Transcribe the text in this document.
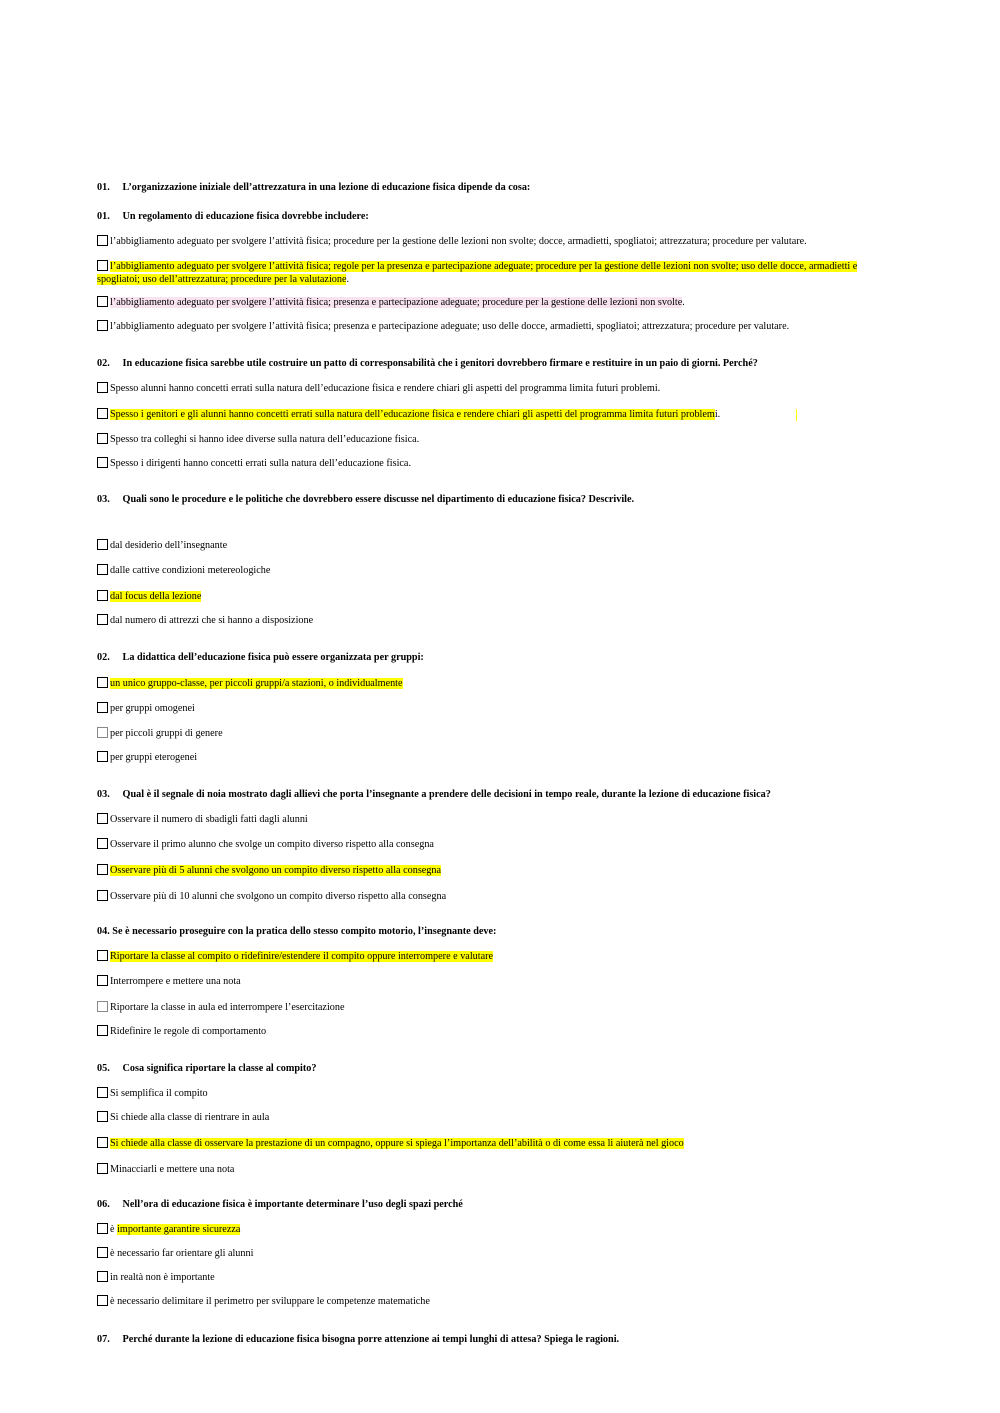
01. L’organizzazione iniziale dell’attrezzatura in una lezione di educazione fisica dipende da cosa:
01. Un regolamento di educazione fisica dovrebbe includere:
l’abbigliamento adeguato per svolgere l’attività fisica; procedure per la gestione delle lezioni non svolte; docce, armadietti, spogliatoi; attrezzatura; procedure per valutare.
l’abbigliamento adeguato per svolgere l’attività fisica; regole per la presenza e partecipazione adeguate; procedure per la gestione delle lezioni non svolte; uso delle docce, armadietti e spogliatoi; uso dell’attrezzatura; procedure per la valutazione.
l’abbigliamento adeguato per svolgere l’attività fisica; presenza e partecipazione adeguate; procedure per la gestione delle lezioni non svolte.
l’abbigliamento adeguato per svolgere l’attività fisica; presenza e partecipazione adeguate; uso delle docce, armadietti, spogliatoi; attrezzatura; procedure per valutare.
02. In educazione fisica sarebbe utile costruire un patto di corresponsabilità che i genitori dovrebbero firmare e restituire in un paio di giorni. Perché?
Spesso alunni hanno concetti errati sulla natura dell’educazione fisica e rendere chiari gli aspetti del programma limita futuri problemi.
Spesso i genitori e gli alunni hanno concetti errati sulla natura dell’educazione fisica e rendere chiari gli aspetti del programma limita futuri problemi.
Spesso tra colleghi si hanno idee diverse sulla natura dell’educazione fisica.
Spesso i dirigenti hanno concetti errati sulla natura dell’educazione fisica.
03. Quali sono le procedure e le politiche che dovrebbero essere discusse nel dipartimento di educazione fisica? Descrivile.
dal desiderio dell’insegnante
dalle cattive condizioni metereologiche
dal focus della lezione
dal numero di attrezzi che si hanno a disposizione
02. La didattica dell’educazione fisica può essere organizzata per gruppi:
un unico gruppo-classe, per piccoli gruppi/a stazioni, o individualmente
per gruppi omogenei
per piccoli gruppi di genere
per gruppi eterogenei
03. Qual è il segnale di noia mostrato dagli allievi che porta l’insegnante a prendere delle decisioni in tempo reale, durante la lezione di educazione fisica?
Osservare il numero di sbadigli fatti dagli alunni
Osservare il primo alunno che svolge un compito diverso rispetto alla consegna
Osservare più di 5 alunni che svolgono un compito diverso rispetto alla consegna
Osservare più di 10 alunni che svolgono un compito diverso rispetto alla consegna
04. Se è necessario proseguire con la pratica dello stesso compito motorio, l’insegnante deve:
Riportare la classe al compito o ridefinire/estendere il compito oppure interrompere e valutare
Interrompere e mettere una nota
Riportare la classe in aula ed interrompere l’esercitazione
Ridefinire le regole di comportamento
05. Cosa significa riportare la classe al compito?
Si semplifica il compito
Si chiede alla classe di rientrare in aula
Si chiede alla classe di osservare la prestazione di un compagno, oppure si spiega l’importanza dell’abilità o di come essa li aiuterà nel gioco
Minacciarli e mettere una nota
06. Nell’ora di educazione fisica è importante determinare l’uso degli spazi perché
è importante garantire sicurezza
è necessario far orientare gli alunni
in realtà non è importante
è necessario delimitare il perimetro per sviluppare le competenze matematiche
07. Perché durante la lezione di educazione fisica bisogna porre attenzione ai tempi lunghi di attesa? Spiega le ragioni.
